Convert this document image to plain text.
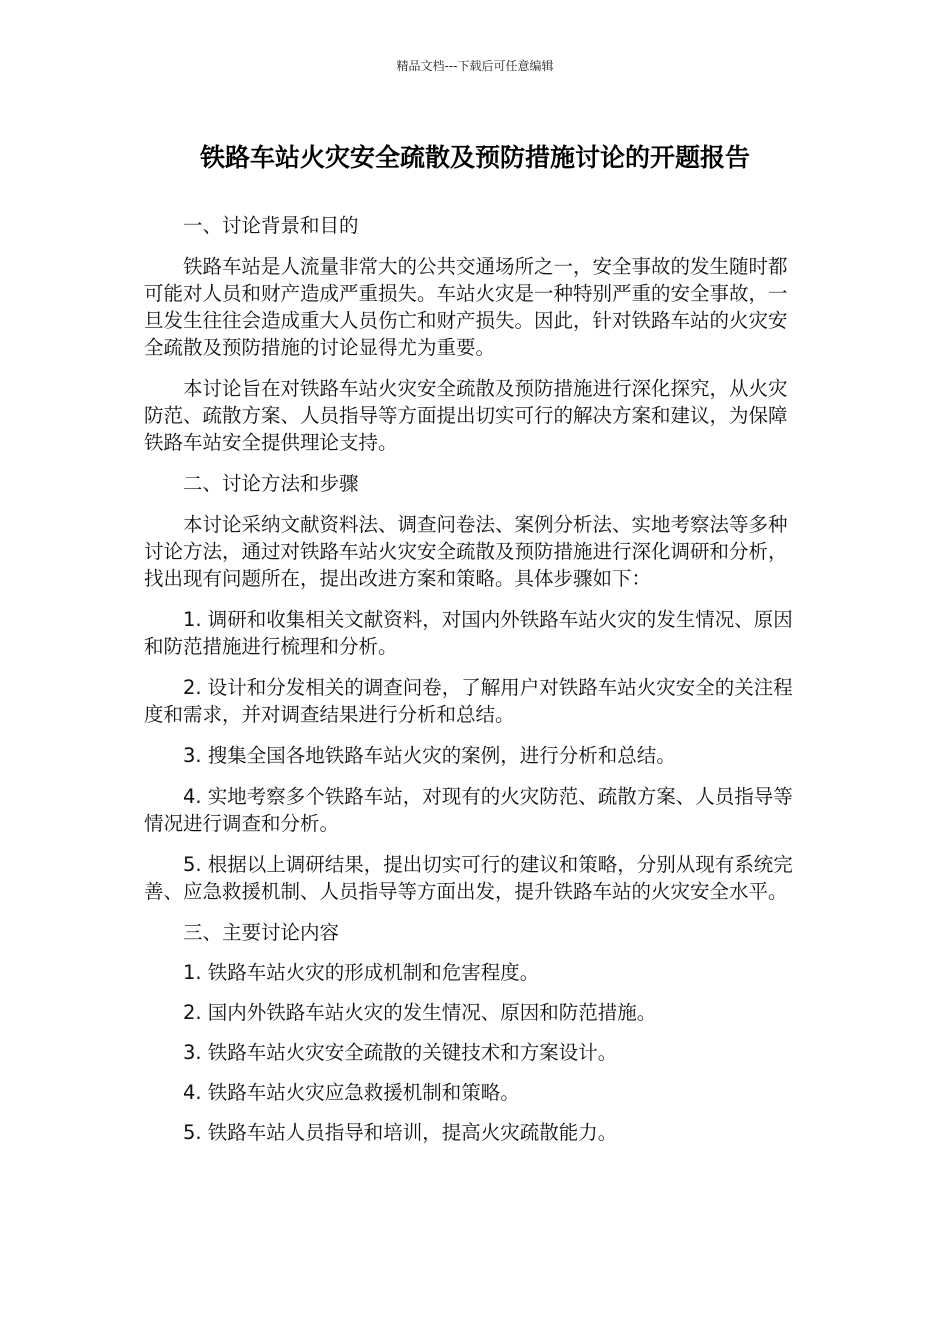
精品文档---下载后可任意编辑
铁路车站火灾安全疏散及预防措施讨论的开题报告

一、讨论背景和目的

铁路车站是人流量非常大的公共交通场所之一，安全事故的发生随时都可能对人员和财产造成严重损失。车站火灾是一种特别严重的安全事故，一旦发生往往会造成重大人员伤亡和财产损失。因此，针对铁路车站的火灾安全疏散及预防措施的讨论显得尤为重要。

本讨论旨在对铁路车站火灾安全疏散及预防措施进行深化探究，从火灾防范、疏散方案、人员指导等方面提出切实可行的解决方案和建议，为保障铁路车站安全提供理论支持。

二、讨论方法和步骤

本讨论采纳文献资料法、调查问卷法、案例分析法、实地考察法等多种讨论方法，通过对铁路车站火灾安全疏散及预防措施进行深化调研和分析，找出现有问题所在，提出改进方案和策略。具体步骤如下：

1. 调研和收集相关文献资料，对国内外铁路车站火灾的发生情况、原因和防范措施进行梳理和分析。

2. 设计和分发相关的调查问卷，了解用户对铁路车站火灾安全的关注程度和需求，并对调查结果进行分析和总结。

3. 搜集全国各地铁路车站火灾的案例，进行分析和总结。

4. 实地考察多个铁路车站，对现有的火灾防范、疏散方案、人员指导等情况进行调查和分析。

5. 根据以上调研结果，提出切实可行的建议和策略，分别从现有系统完善、应急救援机制、人员指导等方面出发，提升铁路车站的火灾安全水平。

三、主要讨论内容

1. 铁路车站火灾的形成机制和危害程度。

2. 国内外铁路车站火灾的发生情况、原因和防范措施。

3. 铁路车站火灾安全疏散的关键技术和方案设计。

4. 铁路车站火灾应急救援机制和策略。

5. 铁路车站人员指导和培训，提高火灾疏散能力。
